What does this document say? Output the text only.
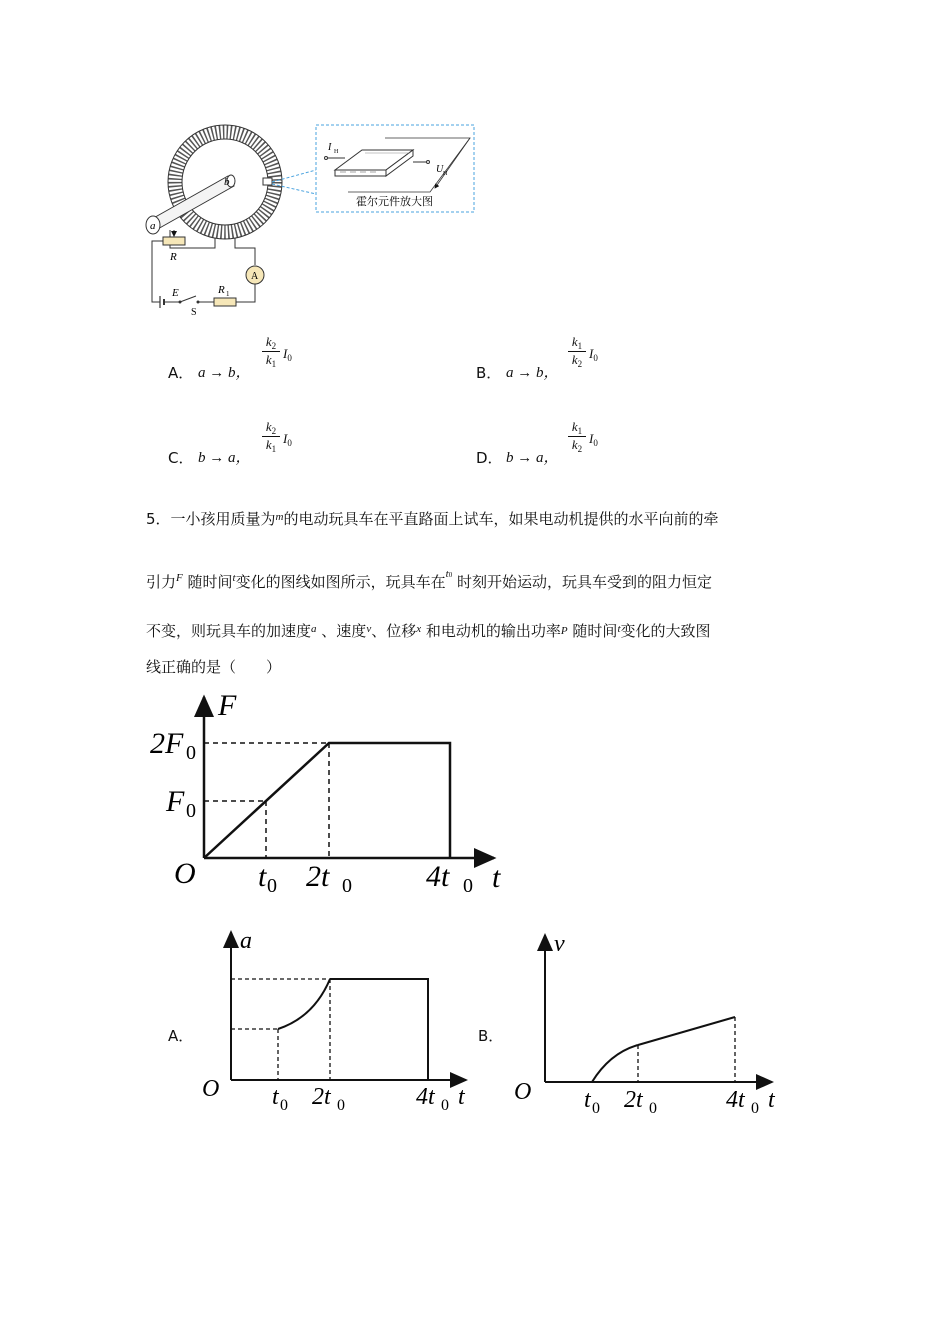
a
b
R
E
S
R 1
A
I H
U H
霍尔元件放大图
A． a → b，
$k_2$
$k_1$
$I_0$
B． a → b，
$k_1$
$k_2$
$I_0$
C． b → a，
$k_2$
$k_1$
$I_0$
D． b → a，
$k_1$
$k_2$
$I_0$
5．一小孩用质量为$^m$的电动玩具车在平直路面上试车，如果电动机提供的水平向前的牵
引力$^F$ 随时间$^t$变化的图线如图所示，玩具车在$^{t0}$ 时刻开始运动，玩具车受到的阻力恒定
不变，则玩具车的加速度$^a$ 、速度$^v$、位移$^x$ 和电动机的输出功率P 随时间$^t$变化的大致图
线正确的是（　　）
F
t
O
2F 0
F 0
t 0 2t 0 4t 0
A．
a
t
O t 0 2t 0	4t 0
B．
v
t
O t 0 2t 0	4t 0
